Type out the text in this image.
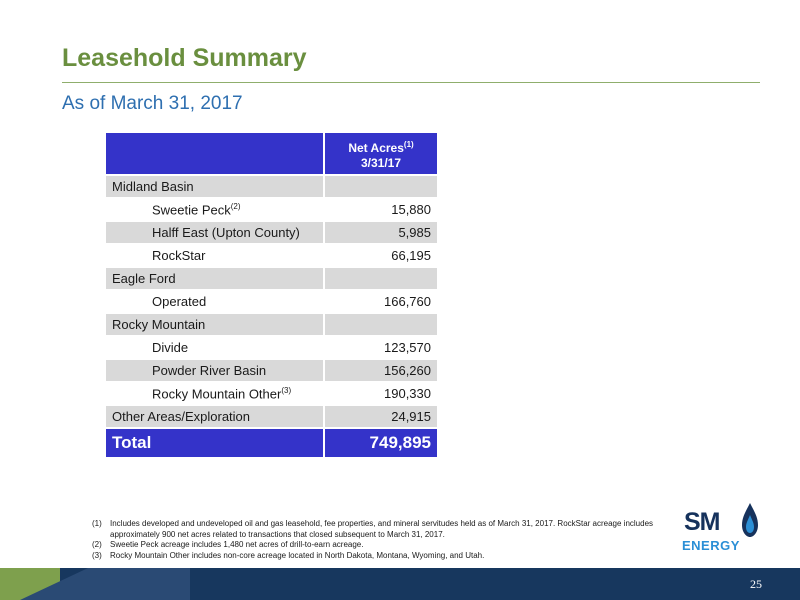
Leasehold Summary
As of March 31, 2017
	Net Acres$^{(1)}$
3/31/17
Midland Basin	
Sweetie Peck$^{(2)}$	15,880
Halff East (Upton County)	5,985
RockStar	66,195
Eagle Ford	
Operated	166,760
Rocky Mountain	
Divide	123,570
Powder River Basin	156,260
Rocky Mountain Other$^{(3)}$	190,330
Other Areas/Exploration	24,915
Total	749,895
(1)	Includes developed and undeveloped oil and gas leasehold, fee properties, and mineral servitudes held as of March 31, 2017. RockStar acreage includes approximately 900 net acres related to transactions that closed subsequent to March 31, 2017.
(2)	Sweetie Peck acreage includes 1,480 net acres of drill-to-earn acreage.
(3)	Rocky Mountain Other includes non-core acreage located in North Dakota, Montana, Wyoming, and Utah.
SM
ENERGY
25
